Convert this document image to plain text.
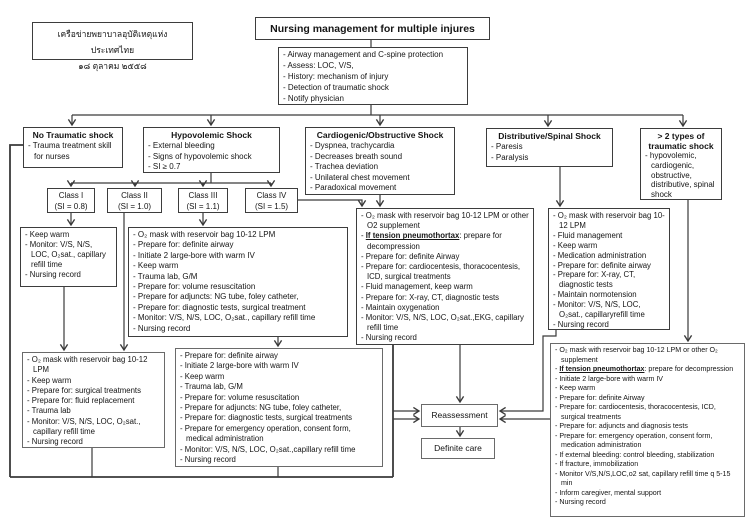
เครือข่ายพยาบาลอุบัติเหตุแห่งประเทศไทย
๑๘ ตุลาคม ๒๕๕๘
Nursing management for multiple injures
- Airway management and C-spine protection
- Assess: LOC, V/S,
- History: mechanism of injury
- Detection of traumatic shock
- Notify physician
No Traumatic shock
- Trauma treatment skill for nurses
Hypovolemic Shock
- External bleeding
- Signs of hypovolemic shock
- SI ≥ 0.7
Cardiogenic/Obstructive Shock
- Dyspnea, trachycardia
- Decreases breath sound
- Trachea deviation
- Unilateral chest movement
- Paradoxical movement
Distributive/Spinal Shock
- Paresis
- Paralysis
> 2 types of traumatic shock
- hypovolemic, cardiogenic, obstructive, distributive, spinal shock
Class I
(SI = 0.8)
Class II
(SI = 1.0)
Class III
(SI = 1.1)
Class IV
(SI = 1.5)
- Keep warm
- Monitor: V/S, N/S, LOC, O₂sat., capillary refill time
- Nursing record
- O₂ mask with reservoir bag 10-12 LPM
- Prepare for: definite airway
- Initiate 2 large-bore with warm IV
- Keep warm
- Trauma lab, G/M
- Prepare for: volume resuscitation
- Prepare for adjuncts: NG tube, foley catheter,
- Prepare for: diagnostic tests, surgical treatment
- Monitor: V/S, N/S, LOC, O₂sat., capillary refill time
- Nursing record
- O₂ mask with reservoir bag 10-12 LPM or other O2 supplement
- If tension pneumothortax: prepare for decompression
- Prepare for: definite Airway
- Prepare for: cardiocentesis, thoracocentesis, ICD, surgical treatments
- Fluid management, keep warm
- Prepare for: X-ray, CT, diagnostic tests
- Maintain oxygenation
- Monitor: V/S, N/S, LOC, O₂sat.,EKG, capillary refill time
- Nursing record
- O₂ mask with reservoir bag 10-12 LPM
- Fluid management
- Keep warm
- Medication administration
- Prepare for: definite airway
- Prepare for: X-ray, CT, diagnostic tests
- Maintain normotension
- Monitor: V/S, N/S, LOC, O₂sat., capillaryrefill time
- Nursing record
- O₂ mask with reservoir bag 10-12 LPM
- Keep warm
- Prepare for: surgical treatments
- Prepare for: fluid replacement
- Trauma lab
- Monitor: V/S, N/S, LOC, O₂sat., capillary refill time
- Nursing record
- Prepare for: definite airway
- Initiate 2 large-bore with warm IV
- Keep warm
- Trauma lab, G/M
- Prepare for: volume resuscitation
- Prepare for adjuncts: NG tube, foley catheter,
- Prepare for: diagnostic tests, surgical treatments
- Prepare for emergency operation, consent form, medical administration
- Monitor: V/S, N/S, LOC, O₂sat.,capillary refill time
- Nursing record
- O₂ mask with reservoir bag 10-12 LPM or other O₂ supplement
- If tension pneumothortax: prepare for decompression
- Initiate 2 large-bore with warm IV
- Keep warm
- Prepare for: definite Airway
- Prepare for: cardiocentesis, thoracocentesis, ICD, surgical treatments
- Prepare for: adjuncts and diagnosis tests
- Prepare for: emergency operation, consent form, medication administration
- If external bleeding: control bleeding, stabilization
- If fracture, immobilization
- Monitor V/S,N/S,LOC,o2 sat, capillary refill time q 5-15 min
- Inform caregiver, mental support
- Nursing record
Reassessment
Definite care
